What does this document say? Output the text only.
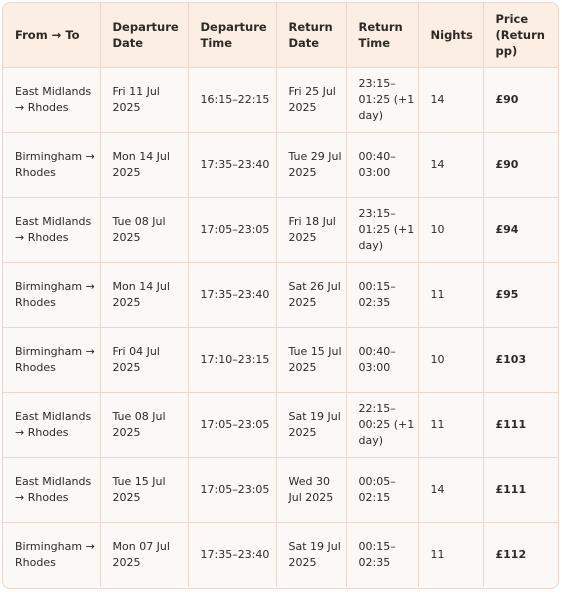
From → To	Departure Date	Departure Time	Return Date	Return Time	Nights	Price (Return pp)
East Midlands → Rhodes	Fri 11 Jul 2025	16:15–22:15	Fri 25 Jul 2025	23:15–01:25 (+1 day)	14	£90
Birmingham → Rhodes	Mon 14 Jul 2025	17:35–23:40	Tue 29 Jul 2025	00:40–03:00	14	£90
East Midlands → Rhodes	Tue 08 Jul 2025	17:05–23:05	Fri 18 Jul 2025	23:15–01:25 (+1 day)	10	£94
Birmingham → Rhodes	Mon 14 Jul 2025	17:35–23:40	Sat 26 Jul 2025	00:15–02:35	11	£95
Birmingham → Rhodes	Fri 04 Jul 2025	17:10–23:15	Tue 15 Jul 2025	00:40–03:00	10	£103
East Midlands → Rhodes	Tue 08 Jul 2025	17:05–23:05	Sat 19 Jul 2025	22:15–00:25 (+1 day)	11	£111
East Midlands → Rhodes	Tue 15 Jul 2025	17:05–23:05	Wed 30 Jul 2025	00:05–02:15	14	£111
Birmingham → Rhodes	Mon 07 Jul 2025	17:35–23:40	Sat 19 Jul 2025	00:15–02:35	11	£112
